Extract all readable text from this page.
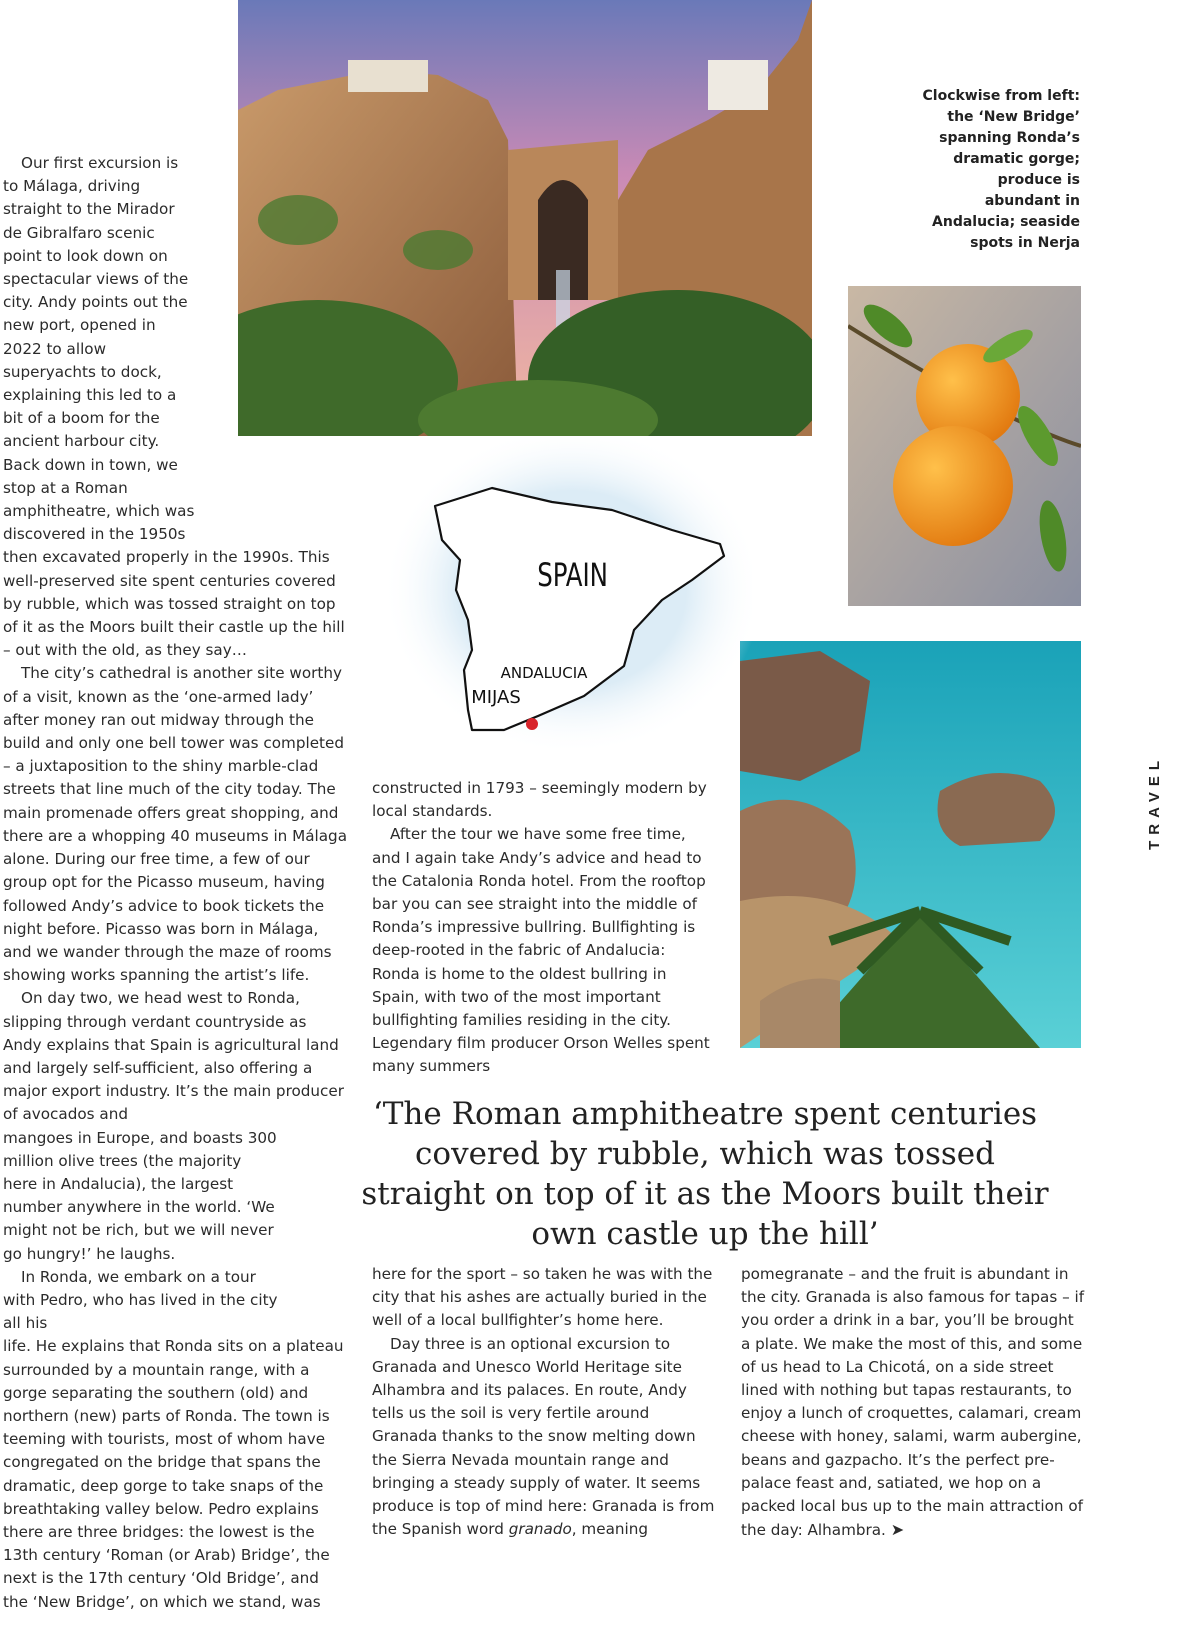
SPAIN
ANDALUCIA
MIJAS
Clockwise from left: the ‘New Bridge’ spanning Ronda’s dramatic gorge; produce is abundant in Andalucia; seaside spots in Nerja
TRAVEL

Our first excursion is to Málaga, driving straight to the Mirador de Gibralfaro scenic point to look down on spectacular views of the city. Andy points out the new port, opened in 2022 to allow superyachts to dock, explaining this led to a bit of a boom for the ancient harbour city. Back down in town, we stop at a Roman amphitheatre, which was discovered in the 1950s
then excavated properly in the 1990s. This well-preserved site spent centuries covered by rubble, which was tossed straight on top of it as the Moors built their castle up the hill – out with the old, as they say…

The city’s cathedral is another site worthy of a visit, known as the ‘one-armed lady’ after money ran out midway through the build and only one bell tower was completed – a juxtaposition to the shiny marble-clad streets that line much of the city today. The main promenade offers great shopping, and there are a whopping 40 museums in Málaga alone. During our free time, a few of our group opt for the Picasso museum, having followed Andy’s advice to book tickets the night before. Picasso was born in Málaga, and we wander through the maze of rooms showing works spanning the artist’s life.

On day two, we head west to Ronda, slipping through verdant countryside as Andy explains that Spain is agricultural land and largely self-sufficient, also offering a major export industry. It’s the main producer of avocados and
mangoes in Europe, and boasts 300 million olive trees (the majority here in Andalucia), the largest number anywhere in the world. ‘We might not be rich, but we will never go hungry!’ he laughs.

In Ronda, we embark on a tour with Pedro, who has lived in the city all his
life. He explains that Ronda sits on a plateau surrounded by a mountain range, with a gorge separating the southern (old) and northern (new) parts of Ronda. The town is teeming with tourists, most of whom have congregated on the bridge that spans the dramatic, deep gorge to take snaps of the breathtaking valley below. Pedro explains there are three bridges: the lowest is the 13th century ‘Roman (or Arab) Bridge’, the next is the 17th century ‘Old Bridge’, and the ‘New Bridge’, on which we stand, was

constructed in 1793 – seemingly modern by local standards.

After the tour we have some free time, and I again take Andy’s advice and head to the Catalonia Ronda hotel. From the rooftop bar you can see straight into the middle of Ronda’s impressive bullring. Bullfighting is deep-rooted in the fabric of Andalucia: Ronda is home to the oldest bullring in Spain, with two of the most important bullfighting families residing in the city. Legendary film producer Orson Welles spent many summers

‘The Roman amphitheatre spent centuries covered by rubble, which was tossed straight on top of it as the Moors built their own castle up the hill’

here for the sport – so taken he was with the city that his ashes are actually buried in the well of a local bullfighter’s home here.

Day three is an optional excursion to Granada and Unesco World Heritage site Alhambra and its palaces. En route, Andy tells us the soil is very fertile around Granada thanks to the snow melting down the Sierra Nevada mountain range and bringing a steady supply of water. It seems produce is top of mind here: Granada is from the Spanish word granado, meaning

pomegranate – and the fruit is abundant in the city. Granada is also famous for tapas – if you order a drink in a bar, you’ll be brought a plate. We make the most of this, and some of us head to La Chicotá, on a side street lined with nothing but tapas restaurants, to enjoy a lunch of croquettes, calamari, cream cheese with honey, salami, warm aubergine, beans and gazpacho. It’s the perfect pre-palace feast and, satiated, we hop on a packed local bus up to the main attraction of the day: Alhambra. ➤
